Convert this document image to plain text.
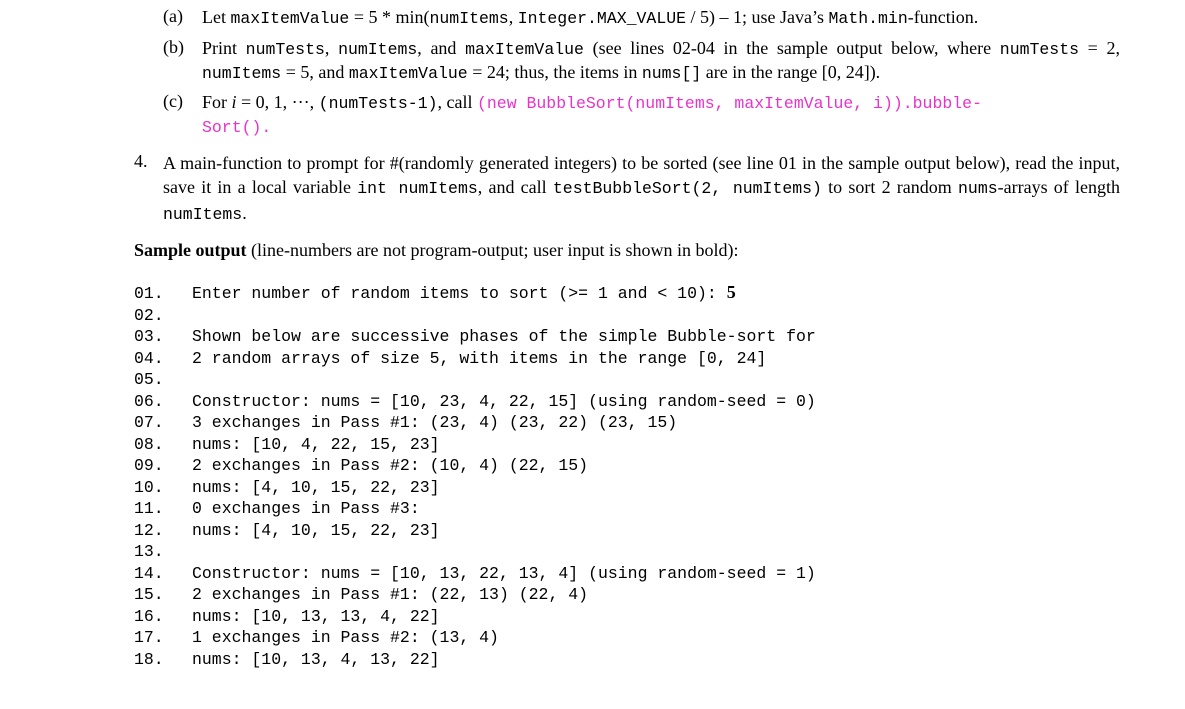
(a) Let maxItemValue = 5 * min(numItems, Integer.MAX_VALUE / 5) – 1; use Java’s Math.min-function.
(b) Print numTests, numItems, and maxItemValue (see lines 02-04 in the sample output below, where numTests = 2, numItems = 5, and maxItemValue = 24; thus, the items in nums[] are in the range [0, 24]).
(c) For i = 0, 1, ···, (numTests-1), call (new BubbleSort(numItems, maxItemValue, i)).bubble-
Sort().
4. A main-function to prompt for #(randomly generated integers) to be sorted (see line 01 in the sample output below), read the input, save it in a local variable int numItems, and call testBubbleSort(2, numItems) to sort 2 random nums-arrays of length numItems.
Sample output (line-numbers are not program-output; user input is shown in bold):
01. Enter number of random items to sort (>= 1 and < 10): 5
02.
03. Shown below are successive phases of the simple Bubble-sort for
04. 2 random arrays of size 5, with items in the range [0, 24]
05.
06. Constructor: nums = [10, 23, 4, 22, 15] (using random-seed = 0)
07. 3 exchanges in Pass #1: (23, 4) (23, 22) (23, 15)
08. nums: [10, 4, 22, 15, 23]
09. 2 exchanges in Pass #2: (10, 4) (22, 15)
10. nums: [4, 10, 15, 22, 23]
11. 0 exchanges in Pass #3:
12. nums: [4, 10, 15, 22, 23]
13.
14. Constructor: nums = [10, 13, 22, 13, 4] (using random-seed = 1)
15. 2 exchanges in Pass #1: (22, 13) (22, 4)
16. nums: [10, 13, 13, 4, 22]
17. 1 exchanges in Pass #2: (13, 4)
18. nums: [10, 13, 4, 13, 22]
